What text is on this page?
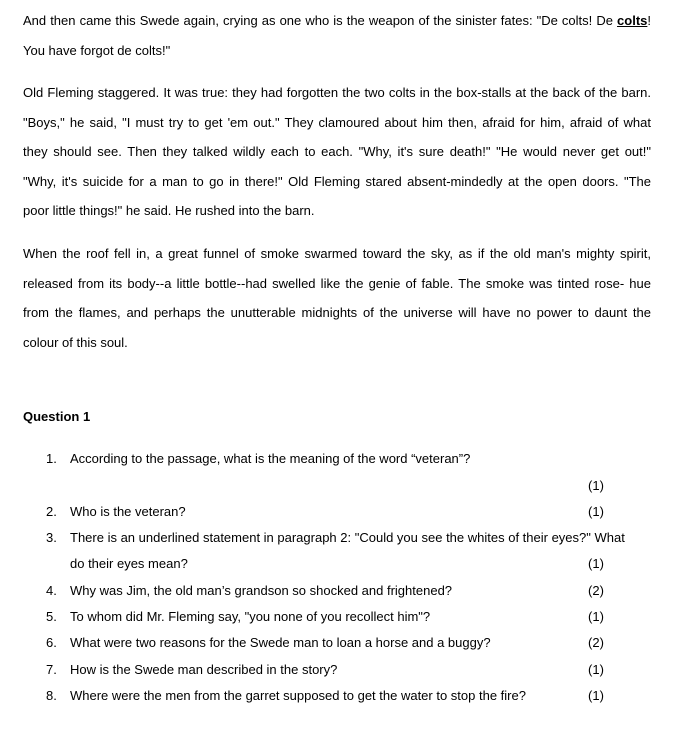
And then came this Swede again, crying as one who is the weapon of the sinister fates: "De colts! De colts!
You have forgot de colts!"
Old Fleming staggered. It was true: they had forgotten the two colts in the box-stalls at the back of the barn.
"Boys," he said, "I must try to get 'em out." They clamoured about him then, afraid for him, afraid of what
they should see. Then they talked wildly each to each. "Why, it's sure death!" "He would never get out!"
"Why, it's suicide for a man to go in there!" Old Fleming stared absent-mindedly at the open doors. "The
poor little things!" he said. He rushed into the barn.
When the roof fell in, a great funnel of smoke swarmed toward the sky, as if the old man's mighty spirit,
released from its body--a little bottle--had swelled like the genie of fable. The smoke was tinted rose- hue
from the flames, and perhaps the unutterable midnights of the universe will have no power to daunt the
colour of this soul.
Question 1
1.	According to the passage, what is the meaning of the word “veteran”?
(1)
2.	Who is the veteran?	(1)
3.	There is an underlined statement in paragraph 2: "Could you see the whites of their eyes?" What
do their eyes mean?	(1)
4.	Why was Jim, the old man’s grandson so shocked and frightened?	(2)
5.	To whom did Mr. Fleming say, "you none of you recollect him"?	(1)
6.	What were two reasons for the Swede man to loan a horse and a buggy?	(2)
7.	How is the Swede man described in the story?	(1)
8.	Where were the men from the garret supposed to get the water to stop the fire?	(1)
